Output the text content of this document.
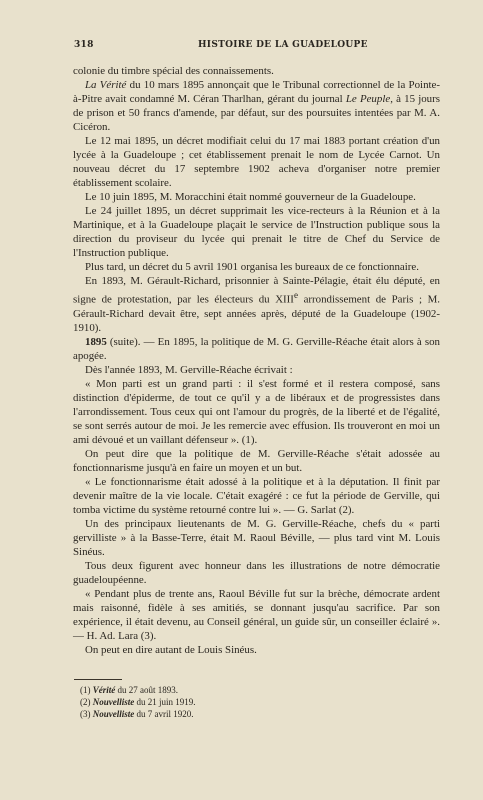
318	HISTOIRE DE LA GUADELOUPE

colonie du timbre spécial des connaissements.

La Vérité du 10 mars 1895 annonçait que le Tribunal correctionnel de la Pointe-à-Pitre avait condamné M. Céran Tharlhan, gérant du journal Le Peuple, à 15 jours de prison et 50 francs d'amende, par défaut, sur des poursuites intentées par M. A. Cicéron.

Le 12 mai 1895, un décret modifiait celui du 17 mai 1883 portant création d'un lycée à la Guadeloupe ; cet établissement prenait le nom de Lycée Carnot. Un nouveau décret du 17 septembre 1902 acheva d'organiser notre premier établissement scolaire.

Le 10 juin 1895, M. Moracchini était nommé gouverneur de la Guadeloupe.

Le 24 juillet 1895, un décret supprimait les vice-recteurs à la Réunion et à la Martinique, et à la Guadeloupe plaçait le service de l'Instruction publique sous la direction du proviseur du lycée qui prenait le titre de Chef du Service de l'Instruction publique.

Plus tard, un décret du 5 avril 1901 organisa les bureaux de ce fonctionnaire.

En 1893, M. Gérault-Richard, prisonnier à Sainte-Pélagie, était élu député, en signe de protestation, par les électeurs du XIIIe arrondissement de Paris ; M. Gérault-Richard devait être, sept années après, député de la Guadeloupe (1902-1910).

1895 (suite). — En 1895, la politique de M. G. Gerville-Réache était alors à son apogée.

Dès l'année 1893, M. Gerville-Réache écrivait :

« Mon parti est un grand parti : il s'est formé et il restera composé, sans distinction d'épiderme, de tout ce qu'il y a de libéraux et de progressistes dans l'arrondissement. Tous ceux qui ont l'amour du progrès, de la liberté et de l'égalité, se sont serrés autour de moi. Je les remercie avec effusion. Ils trouveront en moi un ami dévoué et un vaillant défenseur ». (1).

On peut dire que la politique de M. Gerville-Réache s'était adossée au fonctionnarisme jusqu'à en faire un moyen et un but.

« Le fonctionnarisme était adossé à la politique et à la députation. Il finit par devenir maître de la vie locale. C'était exagéré : ce fut la période de Gerville, qui tomba victime du système retourné contre lui ». — G. Sarlat (2).

Un des principaux lieutenants de M. G. Gerville-Réache, chefs du « parti gervilliste » à la Basse-Terre, était M. Raoul Béville, — plus tard vint M. Louis Sinéus.

Tous deux figurent avec honneur dans les illustrations de notre démocratie guadeloupéenne.

« Pendant plus de trente ans, Raoul Béville fut sur la brèche, démocrate ardent mais raisonné, fidèle à ses amitiés, se donnant jusqu'au sacrifice. Par son expérience, il était devenu, au Conseil général, un guide sûr, un conseiller éclairé ». — H. Ad. Lara (3).

On peut en dire autant de Louis Sinéus.

(1) Vérité du 27 août 1893.
(2) Nouvelliste du 21 juin 1919.
(3) Nouvelliste du 7 avril 1920.
